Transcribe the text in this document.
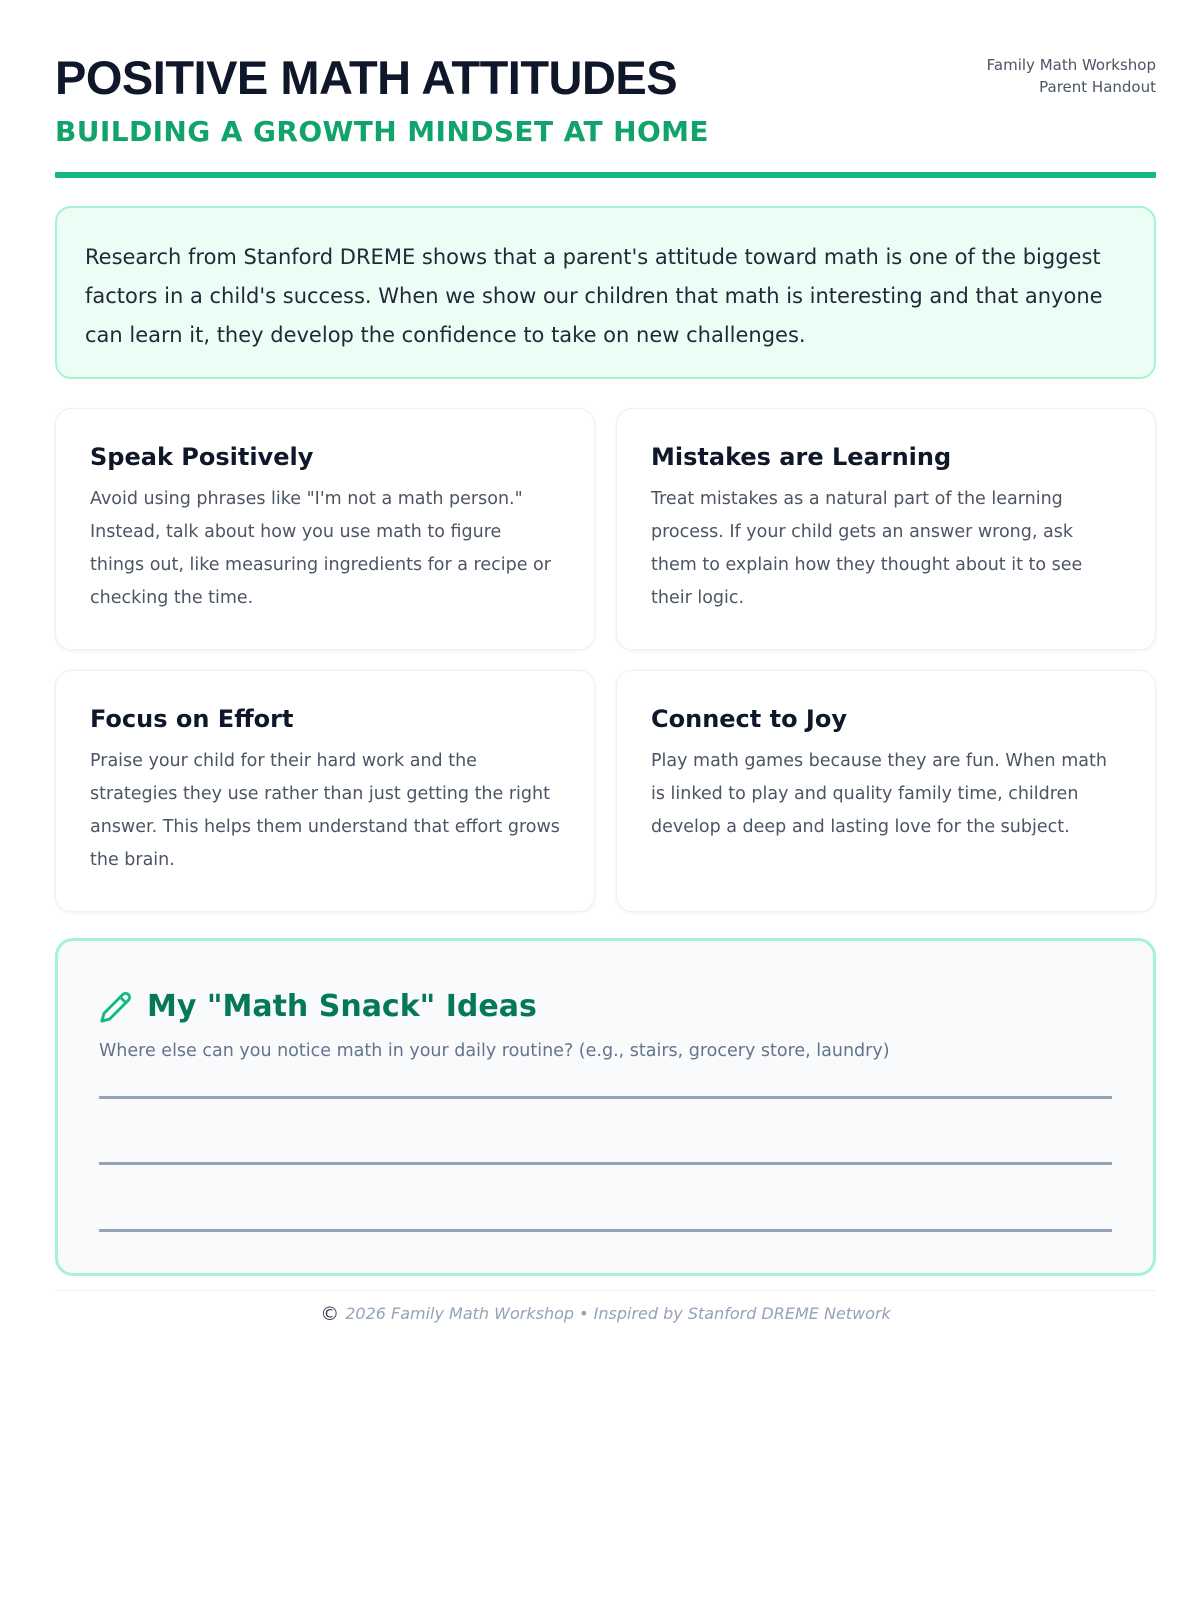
POSITIVE MATH ATTITUDES
BUILDING A GROWTH MINDSET AT HOME
Family Math Workshop
Parent Handout

Research from Stanford DREME shows that a parent's attitude toward math is one of the biggest factors in a child's success. When we show our children that math is interesting and that anyone can learn it, they develop the confidence to take on new challenges.

Speak Positively

Avoid using phrases like "I'm not a math person." Instead, talk about how you use math to figure things out, like measuring ingredients for a recipe or checking the time.

Mistakes are Learning

Treat mistakes as a natural part of the learning process. If your child gets an answer wrong, ask them to explain how they thought about it to see their logic.

Focus on Effort

Praise your child for their hard work and the strategies they use rather than just getting the right answer. This helps them understand that effort grows the brain.

Connect to Joy

Play math games because they are fun. When math is linked to play and quality family time, children develop a deep and lasting love for the subject.

My "Math Snack" Ideas
Where else can you notice math in your daily routine? (e.g., stairs, grocery store, laundry)
© 2026 Family Math Workshop • Inspired by Stanford DREME Network
